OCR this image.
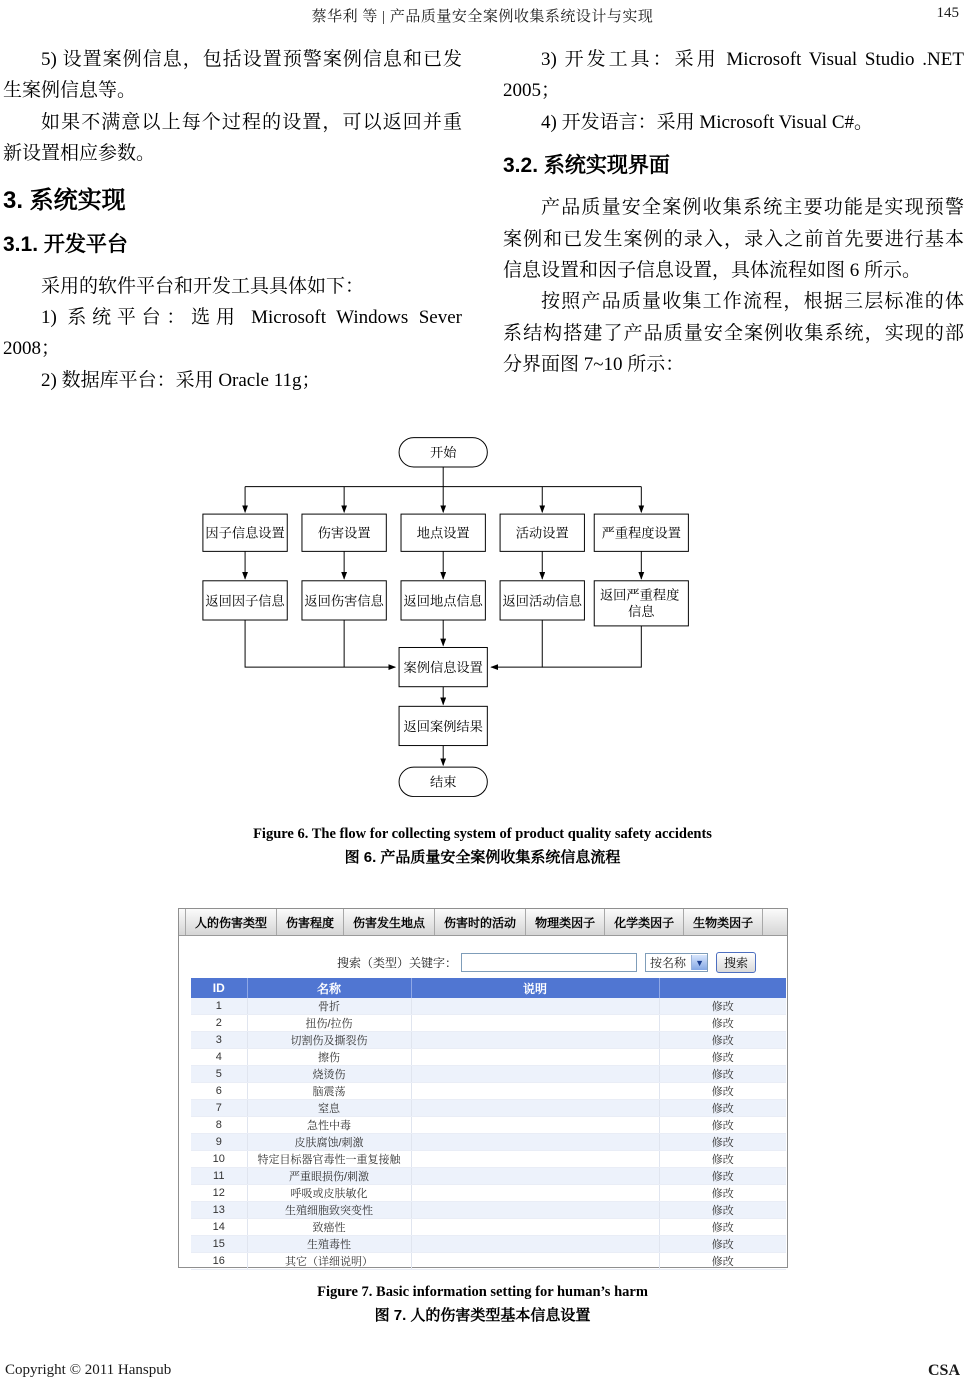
蔡华利 等 | 产品质量安全案例收集系统设计与实现	145
5) 设置案例信息，包括设置预警案例信息和已发
生案例信息等。
如果不满意以上每个过程的设置，可以返回并重
新设置相应参数。
3. 系统实现
3.1. 开发平台
采用的软件平台和开发工具具体如下：
1) 系统平台：选用 Microsoft Windows Sever
2008；
2) 数据库平台：采用 Oracle 11g；
3) 开发工具：采用 Microsoft Visual Studio .NET
2005；
4) 开发语言：采用 Microsoft Visual C#。
3.2. 系统实现界面
产品质量安全案例收集系统主要功能是实现预警
案例和已发生案例的录入，录入之前首先要进行基本
信息设置和因子信息设置，具体流程如图 6 所示。
按照产品质量收集工作流程，根据三层标准的体
系结构搭建了产品质量安全案例收集系统，实现的部
分界面图 7~10 所示：
开始
因子信息设置 伤害设置	地点设置	活动设置 严重程度设置
返回因子信息 返回伤害信息 返回地点信息 返回活动信息 返回严重程度 信息
案例信息设置
返回案例结果
结束
Figure 6. The flow for collecting system of product quality safety accidents
图 6. 产品质量安全案例收集系统信息流程
人的伤害类型	伤害程度	伤害发生地点	伤害时的活动	物理类因子	化学类因子	生物类因子
搜索（类型）关键字：	按名称	▼	搜索
ID	名称	说明	
1	骨折		修改
2	扭伤/拉伤		修改
3	切割伤及撕裂伤		修改
4	擦伤		修改
5	烧烫伤		修改
6	脑震荡		修改
7	窒息		修改
8	急性中毒		修改
9	皮肤腐蚀/刺激		修改
10	特定目标器官毒性一重复接触		修改
11	严重眼损伤/刺激		修改
12	呼吸或皮肤敏化		修改
13	生殖细胞致突变性		修改
14	致癌性		修改
15	生殖毒性		修改
16	其它（详细说明）		修改
Figure 7. Basic information setting for human’s harm
图 7. 人的伤害类型基本信息设置
Copyright © 2011 Hanspub	CSA
